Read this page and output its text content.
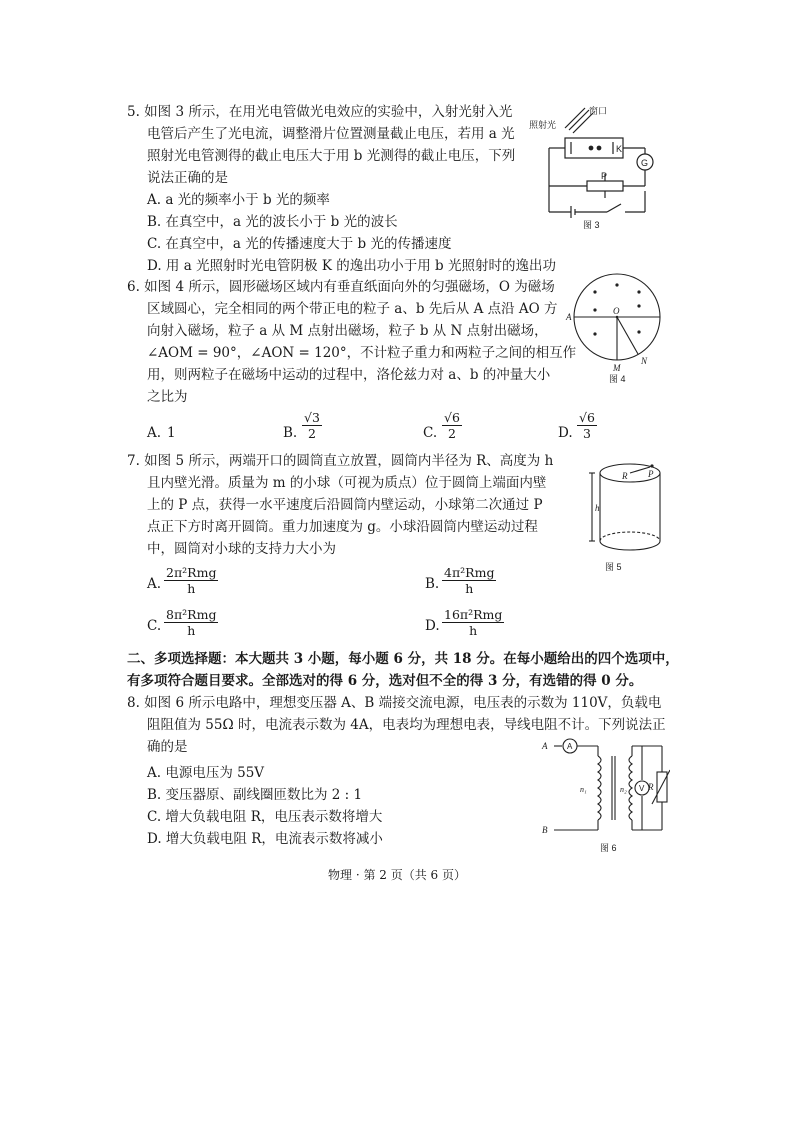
5. 如图 3 所示，在用光电管做光电效应的实验中，入射光射入光
电管后产生了光电流，调整滑片位置测量截止电压，若用 a 光
照射光电管测得的截止电压大于用 b 光测得的截止电压，下列
说法正确的是
A. a 光的频率小于 b 光的频率
B. 在真空中，a 光的波长小于 b 光的波长
C. 在真空中，a 光的传播速度大于 b 光的传播速度
D. 用 a 光照射时光电管阴极 K 的逸出功小于用 b 光照射时的逸出功
窗口
照射光
K
G
P
图 3
6. 如图 4 所示，圆形磁场区域内有垂直纸面向外的匀强磁场，O 为磁场
区域圆心，完全相同的两个带正电的粒子 a、b 先后从 A 点沿 AO 方
向射入磁场，粒子 a 从 M 点射出磁场，粒子 b 从 N 点射出磁场，
∠AOM = 90°，∠AON = 120°，不计粒子重力和两粒子之间的相互作
用，则两粒子在磁场中运动的过程中，洛伦兹力对 a、b 的冲量大小
之比为
A. 1	B. $\frac{√3}{2}$	C. $\frac{√6}{2}$	D. $\frac{√6}{3}$
A
O
M
N
图 4
7. 如图 5 所示，两端开口的圆筒直立放置，圆筒内半径为 R、高度为 h
且内壁光滑。质量为 m 的小球（可视为质点）位于圆筒上端面内壁
上的 P 点，获得一水平速度后沿圆筒内壁运动，小球第二次通过 P
点正下方时离开圆筒。重力加速度为 g。小球沿圆筒内壁运动过程
中，圆筒对小球的支持力大小为
A.
2π²Rmg
h	B.
4π²Rmg
h
C.
8π²Rmg
h	D.
16π²Rmg
h
R P
h
图 5
二、多项选择题：本大题共 3 小题，每小题 6 分，共 18 分。在每小题给出的四个选项中，
有多项符合题目要求。全部选对的得 6 分，选对但不全的得 3 分，有选错的得 0 分。
8. 如图 6 所示电路中，理想变压器 A、B 端接交流电源，电压表的示数为 110V，负载电
阻阻值为 55Ω 时，电流表示数为 4A，电表均为理想电表，导线电阻不计。下列说法正
确的是
A. 电源电压为 55V
B. 变压器原、副线圈匝数比为 2 : 1
C. 增大负载电阻 R，电压表示数将增大
D. 增大负载电阻 R，电流表示数将减小
A
B
A
V
n₁	n₂ R
图 6
物理 · 第 2 页（共 6 页）
